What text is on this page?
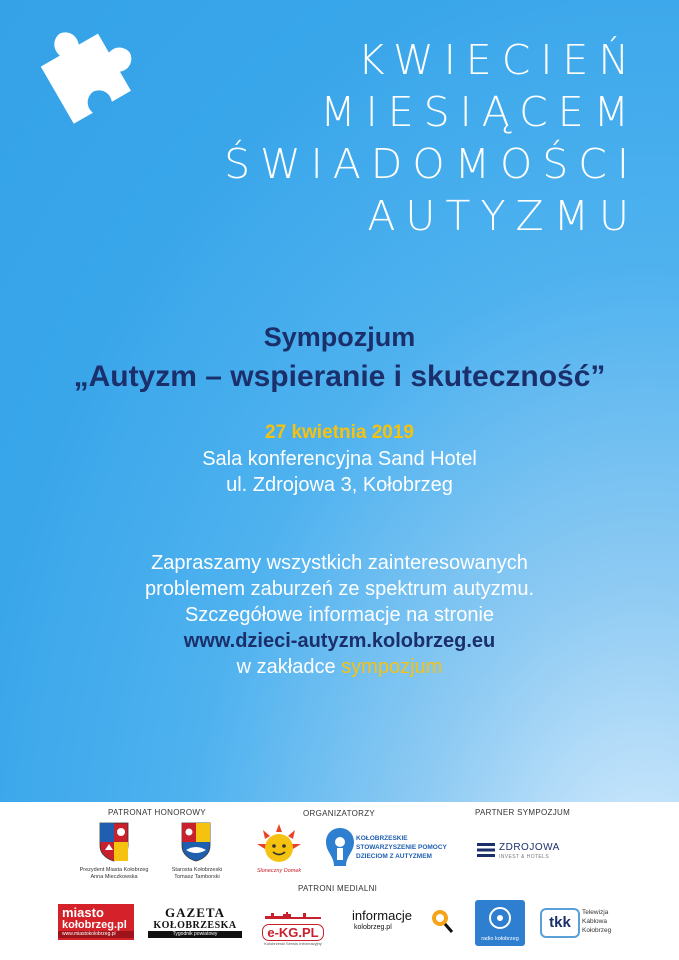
KWIECIEŃ
MIESIĄCEM
ŚWIADOMOŚCI
AUTYZMU
Sympozjum
„Autyzm – wspieranie i skuteczność”
27 kwietnia 2019
Sala konferencyjna Sand Hotel
ul. Zdrojowa 3, Kołobrzeg
Zapraszamy wszystkich zainteresowanych
problemem zaburzeń ze spektrum autyzmu.
Szczegółowe informacje na stronie
www.dzieci-autyzm.kolobrzeg.eu
w zakładce sympozjum
PATRONAT HONOROWY	ORGANIZATORZY	PARTNER SYMPOZJUM
PATRONI MEDIALNI
Prezydent Miasta Kołobrzeg
Anna Mieczkowska
Starosta Kołobrzeski
Tomasz Tamborski
Słoneczny Domek
KOŁOBRZESKIE
STOWARZYSZENIE POMOCY
DZIECIOM Z AUTYZMEM
ZDROJOWA
INVEST & HOTELS
miasto
kołobrzeg.pl
www.miastokolobrzeg.pl
GAZETA
KOŁOBRZESKA
Tygodnik powiatowy	e-KG.PL
Kołobrzeski Serwis Informacyjny
informacje
kolobrzeg.pl
radio kołobrzeg
tkk
Telewizja
Kablowa
Kołobrzeg
